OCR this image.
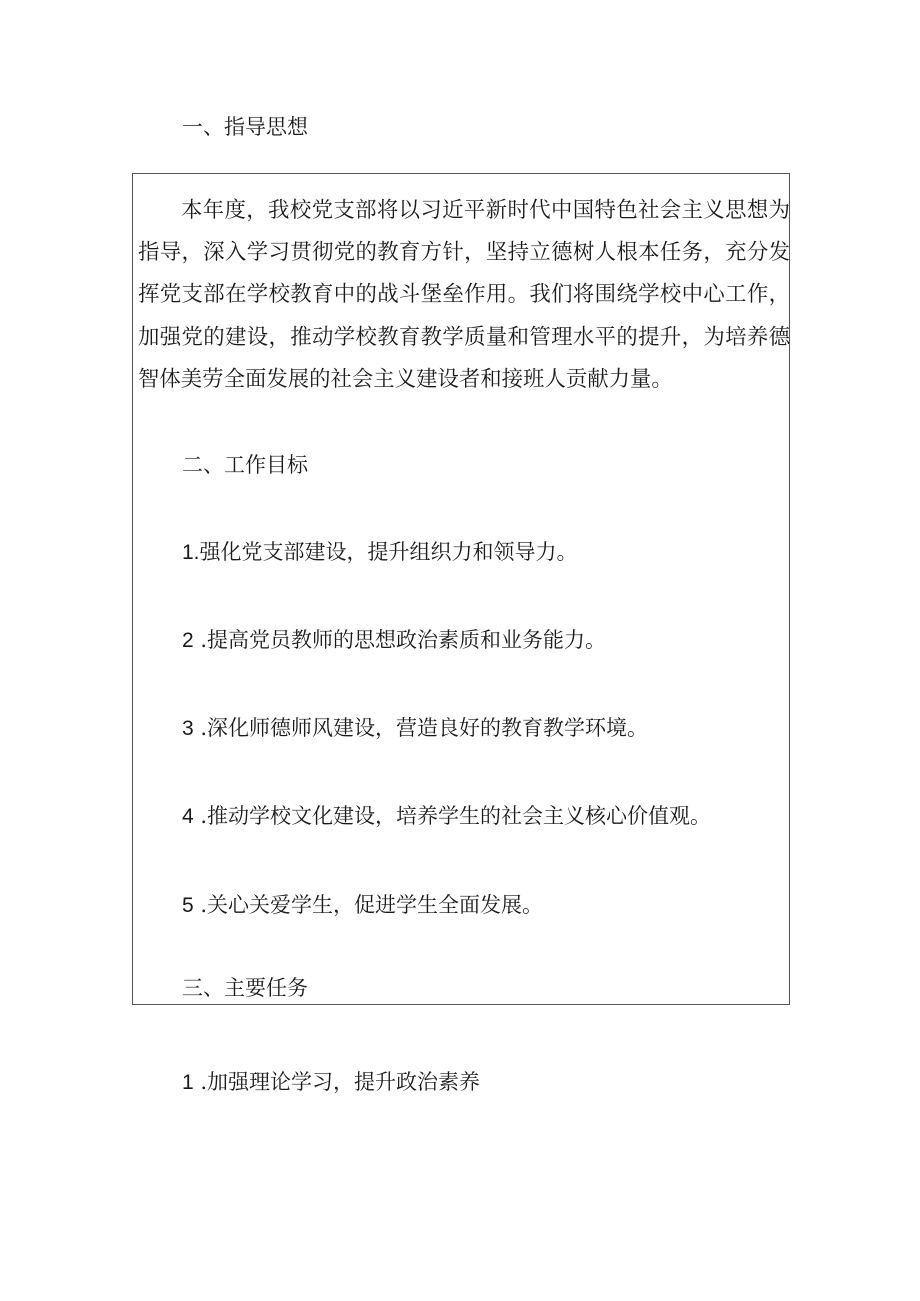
一、指导思想

本年度，我校党支部将以习近平新时代中国特色社会主义思想为指导，深入学习贯彻党的教育方针，坚持立德树人根本任务，充分发挥党支部在学校教育中的战斗堡垒作用。我们将围绕学校中心工作，加强党的建设，推动学校教育教学质量和管理水平的提升，为培养德智体美劳全面发展的社会主义建设者和接班人贡献力量。

二、工作目标
1.强化党支部建设，提升组织力和领导力。
2 .提高党员教师的思想政治素质和业务能力。
3 .深化师德师风建设，营造良好的教育教学环境。
4 .推动学校文化建设，培养学生的社会主义核心价值观。
5 .关心关爱学生，促进学生全面发展。
三、主要任务
1 .加强理论学习，提升政治素养
